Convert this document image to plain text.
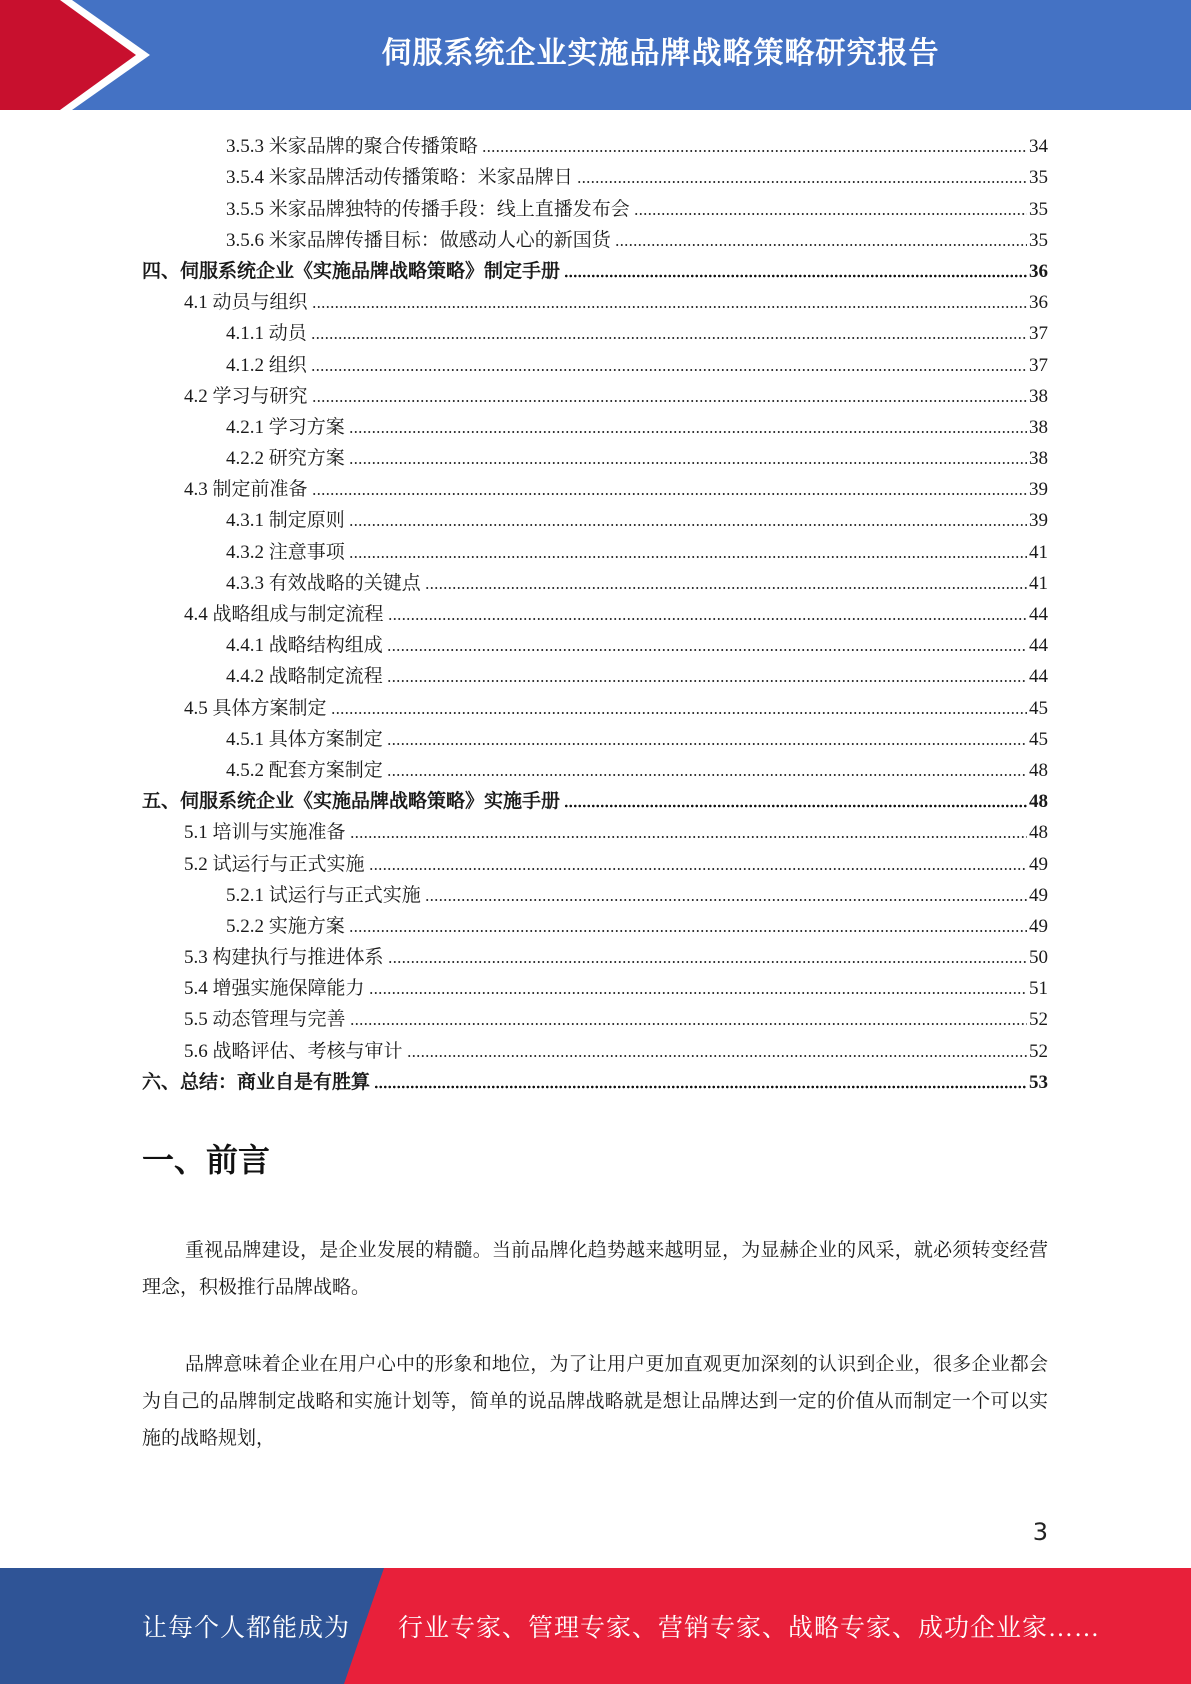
伺服系统企业实施品牌战略策略研究报告
3.5.3 米家品牌的聚合传播策略	34
3.5.4 米家品牌活动传播策略：米家品牌日	35
3.5.5 米家品牌独特的传播手段：线上直播发布会	35
3.5.6 米家品牌传播目标：做感动人心的新国货	35
四、伺服系统企业《实施品牌战略策略》制定手册	36
4.1 动员与组织	36
4.1.1 动员	37
4.1.2 组织	37
4.2 学习与研究	38
4.2.1 学习方案	38
4.2.2 研究方案	38
4.3 制定前准备	39
4.3.1 制定原则	39
4.3.2 注意事项	41
4.3.3 有效战略的关键点	41
4.4 战略组成与制定流程	44
4.4.1 战略结构组成	44
4.4.2 战略制定流程	44
4.5 具体方案制定	45
4.5.1 具体方案制定	45
4.5.2 配套方案制定	48
五、伺服系统企业《实施品牌战略策略》实施手册	48
5.1 培训与实施准备	48
5.2 试运行与正式实施	49
5.2.1 试运行与正式实施	49
5.2.2 实施方案	49
5.3 构建执行与推进体系	50
5.4 增强实施保障能力	51
5.5 动态管理与完善	52
5.6 战略评估、考核与审计	52
六、总结：商业自是有胜算	53
一、前言

重视品牌建设，是企业发展的精髓。当前品牌化趋势越来越明显，为显赫企业的风采，就必须转变经营理念，积极推行品牌战略。

品牌意味着企业在用户心中的形象和地位，为了让用户更加直观更加深刻的认识到企业，很多企业都会为自己的品牌制定战略和实施计划等，简单的说品牌战略就是想让品牌达到一定的价值从而制定一个可以实施的战略规划，

3
让每个人都能成为 行业专家、管理专家、营销专家、战略专家、成功企业家……
